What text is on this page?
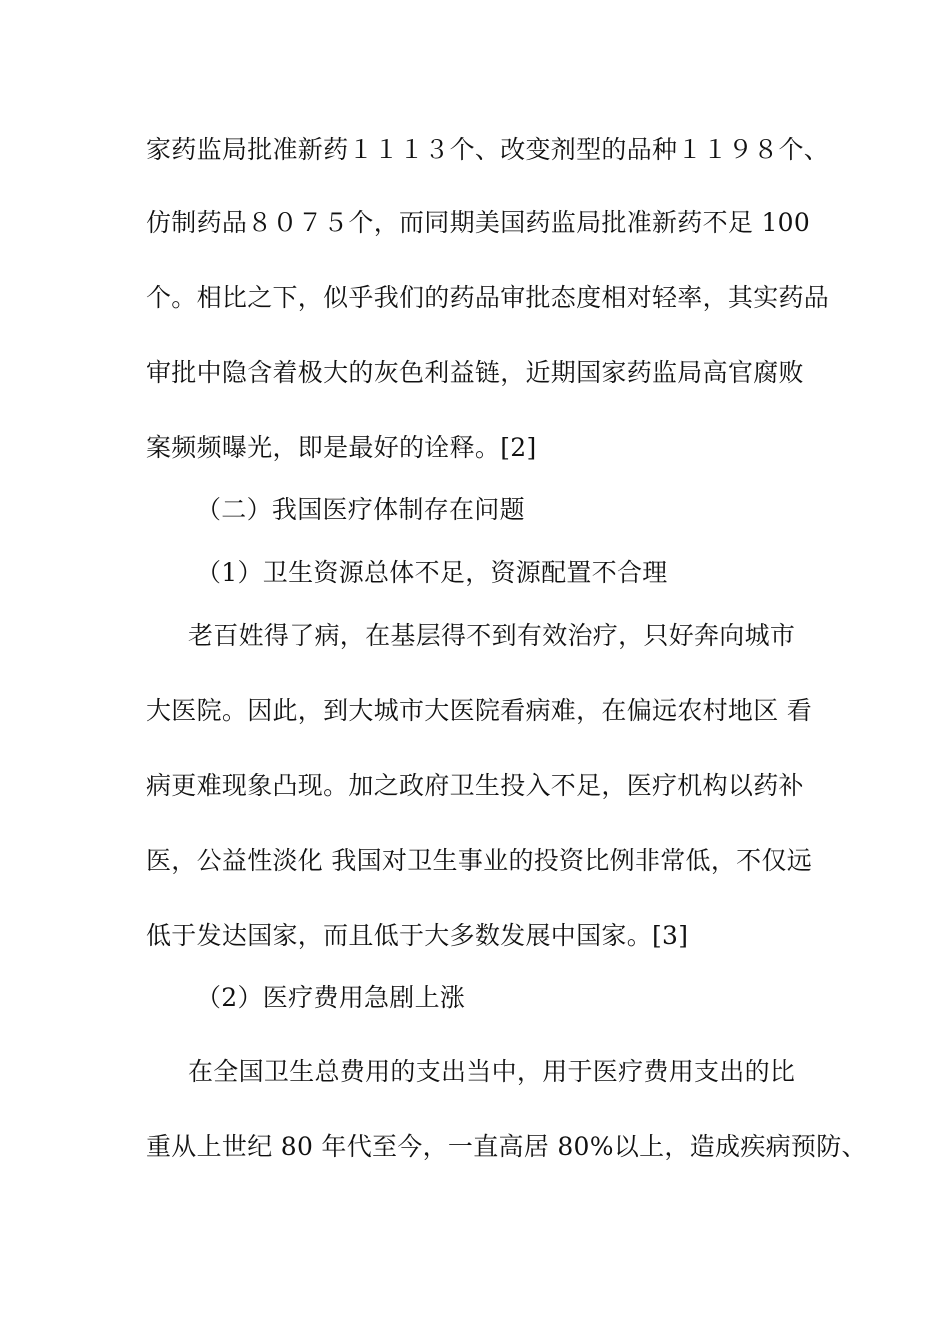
家药监局批准新药１１１３个、改变剂型的品种１１９８个、
仿制药品８０７５个，而同期美国药监局批准新药不足 100
个。相比之下，似乎我们的药品审批态度相对轻率，其实药品
审批中隐含着极大的灰色利益链，近期国家药监局高官腐败
案频频曝光，即是最好的诠释。[2]
（二）我国医疗体制存在问题
（1）卫生资源总体不足，资源配置不合理
老百姓得了病，在基层得不到有效治疗，只好奔向城市
大医院。因此，到大城市大医院看病难，在偏远农村地区 看
病更难现象凸现。加之政府卫生投入不足，医疗机构以药补
医，公益性淡化 我国对卫生事业的投资比例非常低，不仅远
低于发达国家，而且低于大多数发展中国家。[3]
（2）医疗费用急剧上涨
在全国卫生总费用的支出当中，用于医疗费用支出的比
重从上世纪 80 年代至今，一直高居 80%以上，造成疾病预防、
